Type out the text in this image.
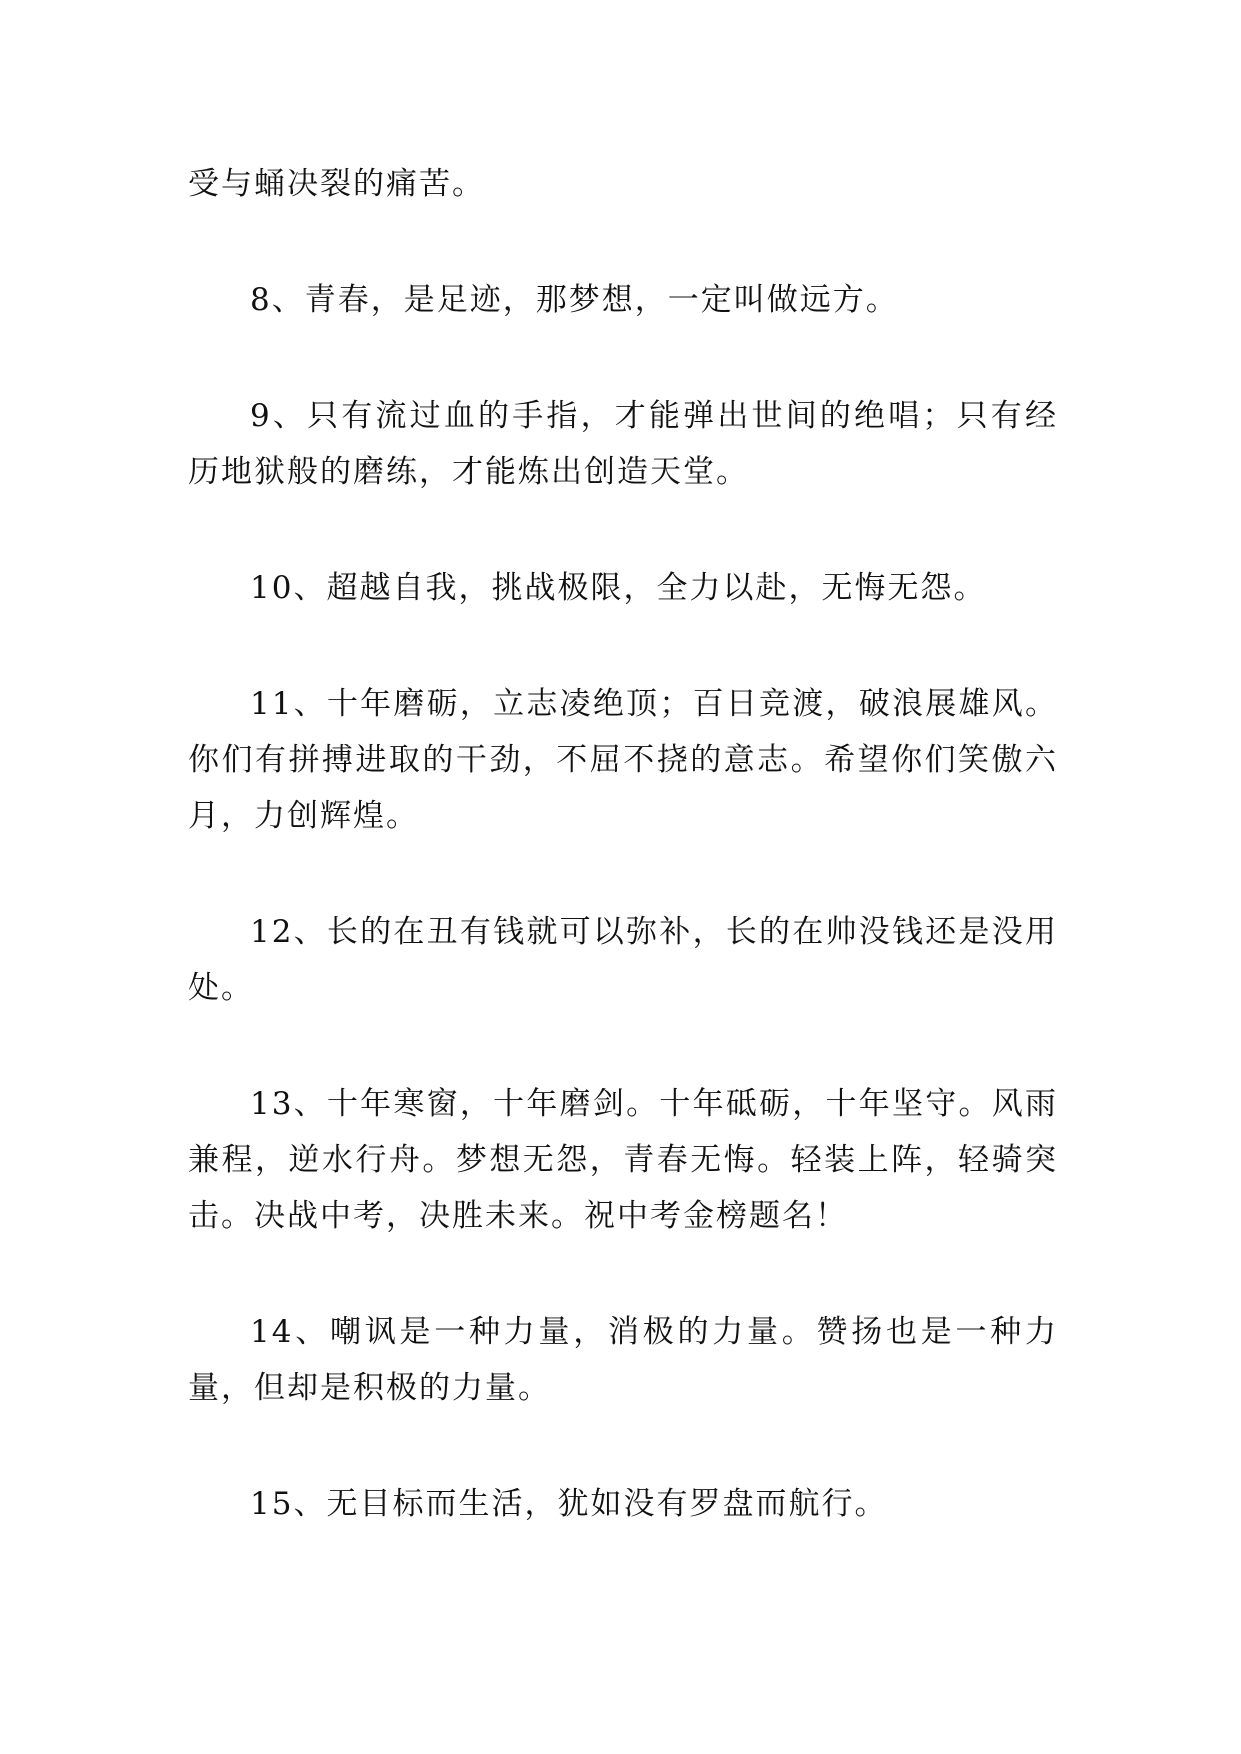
受与蛹决裂的痛苦。

8、青春，是足迹，那梦想，一定叫做远方。

9、只有流过血的手指，才能弹出世间的绝唱；只有经历地狱般的磨练，才能炼出创造天堂。

10、超越自我，挑战极限，全力以赴，无悔无怨。

11、十年磨砺，立志凌绝顶；百日竞渡，破浪展雄风。你们有拼搏进取的干劲，不屈不挠的意志。希望你们笑傲六月，力创辉煌。

12、长的在丑有钱就可以弥补，长的在帅没钱还是没用处。

13、十年寒窗，十年磨剑。十年砥砺，十年坚守。风雨兼程，逆水行舟。梦想无怨，青春无悔。轻装上阵，轻骑突击。决战中考，决胜未来。祝中考金榜题名！

14、嘲讽是一种力量，消极的力量。赞扬也是一种力量，但却是积极的力量。

15、无目标而生活，犹如没有罗盘而航行。
